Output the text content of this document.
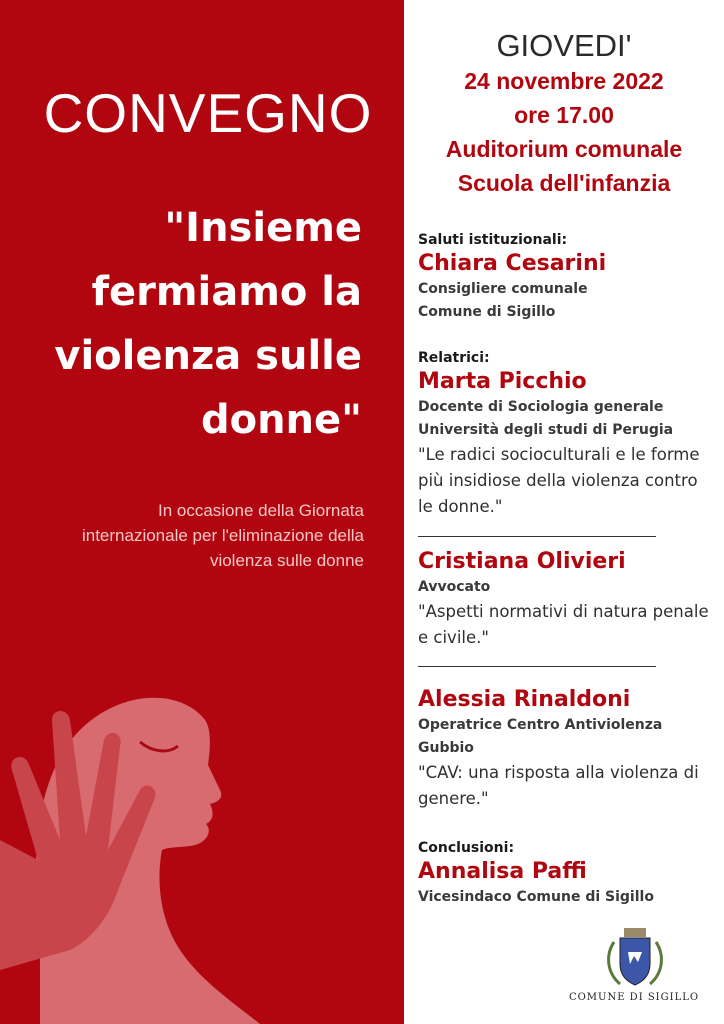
CONVEGNO
"Insieme
fermiamo la
violenza sulle
donne"
In occasione della Giornata
internazionale per l'eliminazione della
violenza sulle donne
GIOVEDI'
24 novembre 2022
ore 17.00
Auditorium comunale
Scuola dell'infanzia
Saluti istituzionali:
Chiara Cesarini
Consigliere comunale
Comune di Sigillo
Relatrici:
Marta Picchio
Docente di Sociologia generale
Università degli studi di Perugia
"Le radici socioculturali e le forme
più insidiose della violenza contro
le donne."
Cristiana Olivieri
Avvocato
"Aspetti normativi di natura penale
e civile."
Alessia Rinaldoni
Operatrice Centro Antiviolenza
Gubbio
"CAV: una risposta alla violenza di
genere."
Conclusioni:
Annalisa Paffi
Vicesindaco Comune di Sigillo
COMUNE DI SIGILLO
